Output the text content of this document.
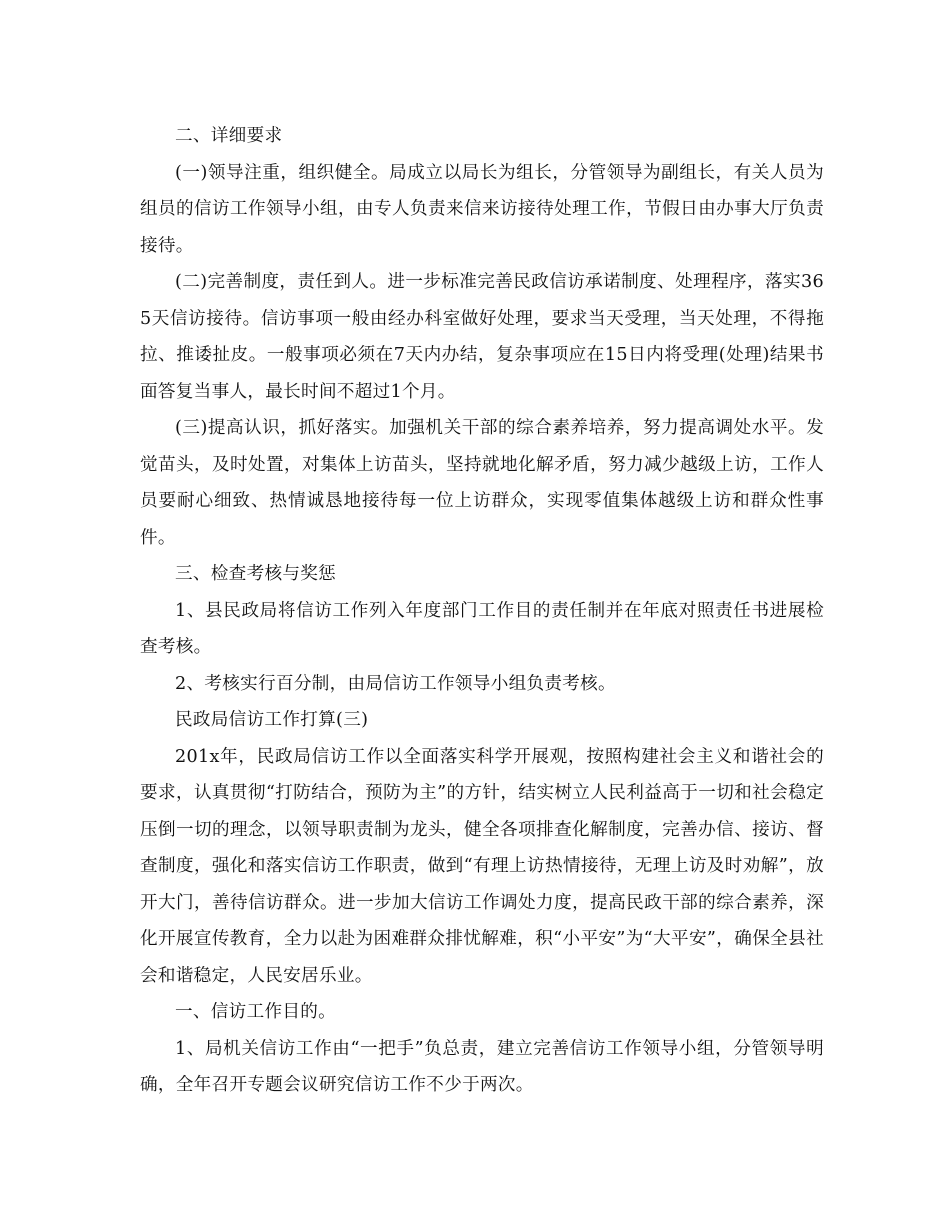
二、详细要求

(一)领导注重，组织健全。局成立以局长为组长，分管领导为副组长，有关人员为组员的信访工作领导小组，由专人负责来信来访接待处理工作，节假日由办事大厅负责接待。

(二)完善制度，责任到人。进一步标准完善民政信访承诺制度、处理程序，落实365天信访接待。信访事项一般由经办科室做好处理，要求当天受理，当天处理，不得拖拉、推诿扯皮。一般事项必须在7天内办结，复杂事项应在15日内将受理(处理)结果书面答复当事人，最长时间不超过1个月。

(三)提高认识，抓好落实。加强机关干部的综合素养培养，努力提高调处水平。发觉苗头，及时处置，对集体上访苗头，坚持就地化解矛盾，努力减少越级上访，工作人员要耐心细致、热情诚恳地接待每一位上访群众，实现零值集体越级上访和群众性事件。

三、检查考核与奖惩

1、县民政局将信访工作列入年度部门工作目的责任制并在年底对照责任书进展检查考核。

2、考核实行百分制，由局信访工作领导小组负责考核。

民政局信访工作打算(三)

201x年，民政局信访工作以全面落实科学开展观，按照构建社会主义和谐社会的要求，认真贯彻“打防结合，预防为主”的方针，结实树立人民利益高于一切和社会稳定压倒一切的理念，以领导职责制为龙头，健全各项排查化解制度，完善办信、接访、督查制度，强化和落实信访工作职责，做到“有理上访热情接待，无理上访及时劝解”，放开大门，善待信访群众。进一步加大信访工作调处力度，提高民政干部的综合素养，深化开展宣传教育，全力以赴为困难群众排忧解难，积“小平安”为“大平安”，确保全县社会和谐稳定，人民安居乐业。

一、信访工作目的。

1、局机关信访工作由“一把手”负总责，建立完善信访工作领导小组，分管领导明确，全年召开专题会议研究信访工作不少于两次。
